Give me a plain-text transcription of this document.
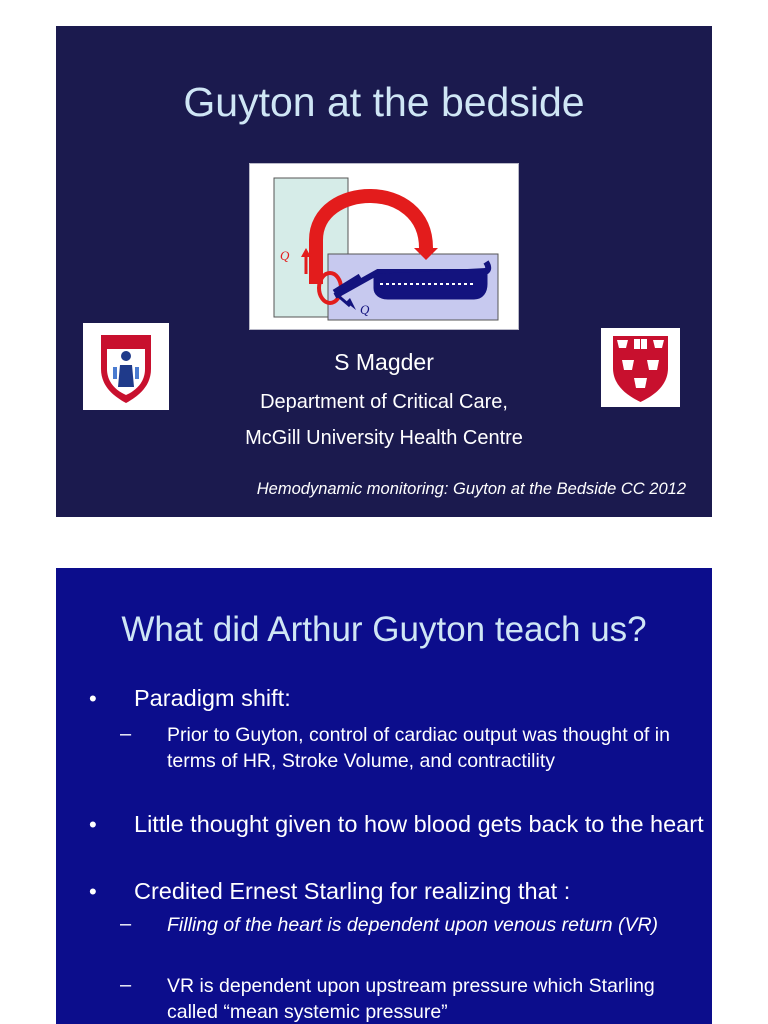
Guyton at the bedside
Q
Q
S Magder
Department of Critical Care,
McGill University Health Centre
Hemodynamic monitoring: Guyton at the Bedside CC 2012
What did Arthur Guyton teach us?
• Paradigm shift:
– Prior to Guyton, control of cardiac output was thought of in terms of HR, Stroke Volume, and contractility
• Little thought given to how blood gets back to the heart
• Credited Ernest Starling for realizing that :
– Filling of the heart is dependent upon venous return (VR)
– VR is dependent upon upstream pressure which Starling called “mean systemic pressure”
